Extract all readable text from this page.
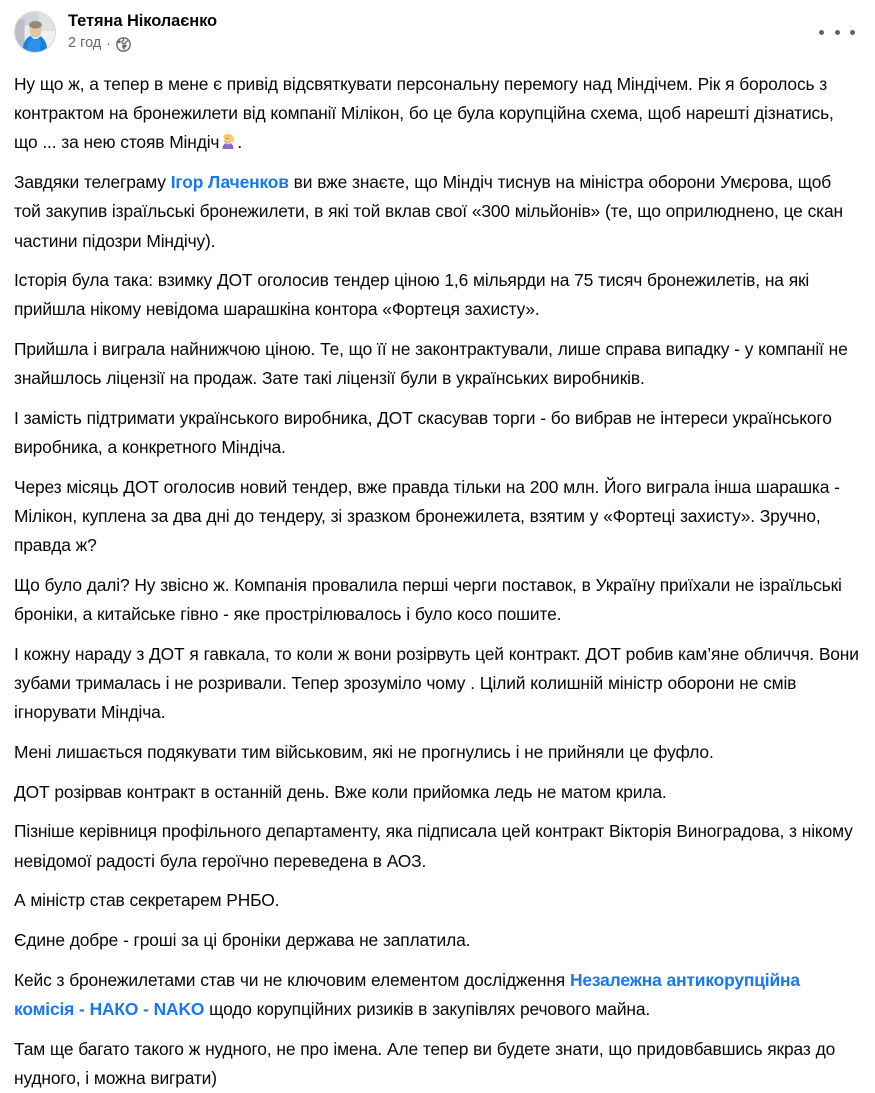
Тетяна Ніколаєнко
2 год ·

Ну що ж, а тепер в мене є привід відсвяткувати персональну перемогу над Міндічем. Рік я боролось з контрактом на бронежилети від компанії Мілікон, бо це була корупційна схема, щоб нарешті дізнатись, що ... за нею стояв Міндіч .

Завдяки телеграму Ігор Лаченков ви вже знаєте, що Міндіч тиснув на міністра оборони Умєрова, щоб той закупив ізраїльські бронежилети, в які той вклав свої «300 мільйонів» (те, що оприлюднено, це скан частини підозри Міндічу).

Історія була така: взимку ДОТ оголосив тендер ціною 1,6 мільярди на 75 тисяч бронежилетів, на які прийшла нікому невідома шарашкіна контора «Фортеця захисту».

Прийшла і виграла найнижчою ціною. Те, що її не законтрактували, лише справа випадку - у компанії не знайшлось ліцензії на продаж. Зате такі ліцензії були в українських виробників.

І замість підтримати українського виробника, ДОТ скасував торги - бо вибрав не інтереси українського виробника, а конкретного Міндіча.

Через місяць ДОТ оголосив новий тендер, вже правда тільки на 200 млн. Його виграла інша шарашка - Мілікон, куплена за два дні до тендеру, зі зразком бронежилета, взятим у «Фортеці захисту». Зручно, правда ж?

Що було далі? Ну звісно ж. Компанія провалила перші черги поставок, в Україну приїхали не ізраїльські броніки, а китайське гівно - яке прострілювалось і було косо пошите.

І кожну нараду з ДОТ я гавкала, то коли ж вони розірвуть цей контракт. ДОТ робив кам’яне обличчя. Вони зубами трималась і не розривали. Тепер зрозуміло чому . Цілий колишній міністр оборони не смів ігнорувати Міндіча.

Мені лишається подякувати тим військовим, які не прогнулись і не прийняли це фуфло.

ДОТ розірвав контракт в останній день. Вже коли прийомка ледь не матом крила.

Пізніше керівниця профільного департаменту, яка підписала цей контракт Вікторія Виноградова, з нікому невідомої радості була героїчно переведена в АОЗ.

А міністр став секретарем РНБО.

Єдине добре - гроші за ці броніки держава не заплатила.

Кейс з бронежилетами став чи не ключовим елементом дослідження Незалежна антикорупційна комісія - НАКО - NAKO щодо корупційних ризиків в закупівлях речового майна.

Там ще багато такого ж нудного, не про імена. Але тепер ви будете знати, що придовбавшись якраз до нудного, і можна виграти)
